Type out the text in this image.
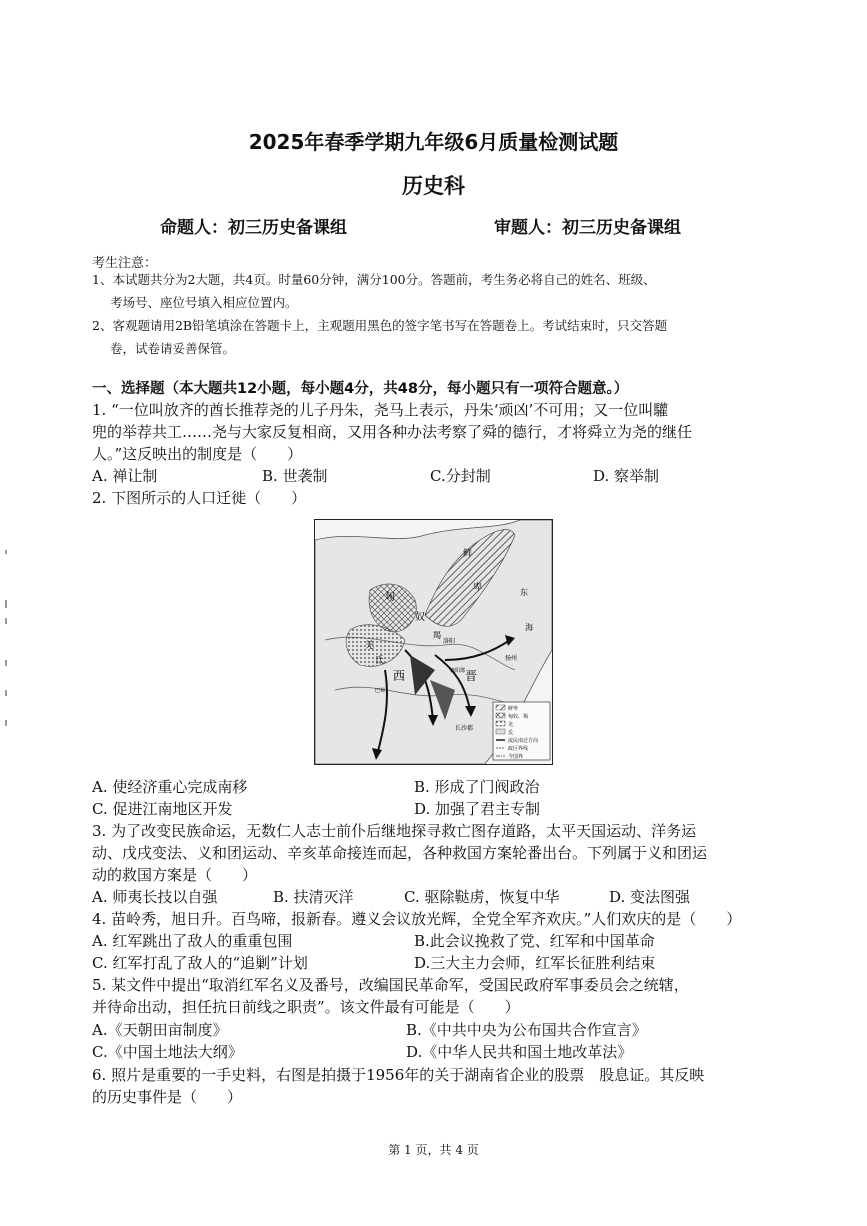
2025年春季学期九年级6月质量检测试题
历史科
命题人：初三历史备课组	审题人：初三历史备课组
考生注意：
1、本试题共分为2大题，共4页。时量60分钟，满分100分。答题前，考生务必将自己的姓名、班级、
考场号、座位号填入相应位置内。
2、客观题请用2B铅笔填涂在答题卡上，主观题用黑色的签字笔书写在答题卷上。考试结束时，只交答题
卷，试卷请妥善保管。
一、选择题（本大题共12小题，每小题4分，共48分，每小题只有一项符合题意。）
1. “一位叫放齐的酋长推荐尧的儿子丹朱，尧马上表示，丹朱‘顽凶’不可用；又一位叫驩
兜的举荐共工……尧与大家反复相商，又用各种办法考察了舜的德行，才将舜立为尧的继任
人。”这反映出的制度是（　　）
A. 禅让制	B. 世袭制	C.分封制	D. 察举制
2. 下图所示的人口迁徙（　　）
鲜
卑
匈
奴
羯
羌
氐
洛阳
襄阳郡
西	晋
扬州
长沙郡
巴蜀
东
海
鲜卑
匈奴、羯
羌
氐
流民南迁方向
政区界线
今国界
A. 使经济重心完成南移	B. 形成了门阀政治
C. 促进江南地区开发	D. 加强了君主专制
3. 为了改变民族命运，无数仁人志士前仆后继地探寻救亡图存道路，太平天国运动、洋务运
动、戊戌变法、义和团运动、辛亥革命接连而起，各种救国方案轮番出台。下列属于义和团运
动的救国方案是（　　）
A. 师夷长技以自强	B. 扶清灭洋	C. 驱除鞑虏，恢复中华	D. 变法图强
4. 苗岭秀，旭日升。百鸟啼，报新春。遵义会议放光辉，全党全军齐欢庆。”人们欢庆的是（　　）
A. 红军跳出了敌人的重重包围	B.此会议挽救了党、红军和中国革命
C. 红军打乱了敌人的“追剿”计划	D.三大主力会师，红军长征胜利结束
5. 某文件中提出“取消红军名义及番号，改编国民革命军，受国民政府军事委员会之统辖，
并待命出动，担任抗日前线之职责”。该文件最有可能是（　　）
A.《天朝田亩制度》	B.《中共中央为公布国共合作宣言》
C.《中国土地法大纲》	D.《中华人民共和国土地改革法》
6. 照片是重要的一手史料，右图是拍摄于1956年的关于湖南省企业的股票　股息证。其反映
的历史事件是（　　）
第 1 页，共 4 页
